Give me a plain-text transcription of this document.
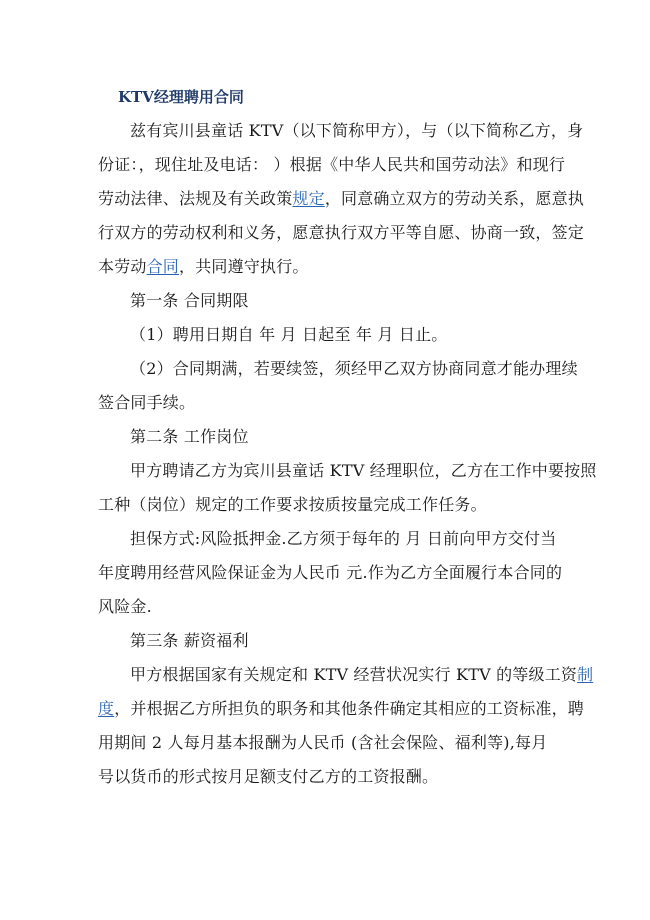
KTV经理聘用合同
兹有宾川县童话 KTV（以下简称甲方），与（以下简称乙方，身
份证：，现住址及电话： ）根据《中华人民共和国劳动法》和现行
劳动法律、法规及有关政策规定，同意确立双方的劳动关系，愿意执
行双方的劳动权利和义务，愿意执行双方平等自愿、协商一致，签定
本劳动合同，共同遵守执行。
第一条 合同期限
（1）聘用日期自 年 月 日起至 年 月 日止。
（2）合同期满，若要续签，须经甲乙双方协商同意才能办理续
签合同手续。
第二条 工作岗位
甲方聘请乙方为宾川县童话 KTV 经理职位，乙方在工作中要按照
工种（岗位）规定的工作要求按质按量完成工作任务。
担保方式:风险抵押金.乙方须于每年的 月 日前向甲方交付当
年度聘用经营风险保证金为人民币 元.作为乙方全面履行本合同的
风险金.
第三条 薪资福利
甲方根据国家有关规定和 KTV 经营状况实行 KTV 的等级工资制
度，并根据乙方所担负的职务和其他条件确定其相应的工资标准，聘
用期间 2 人每月基本报酬为人民币 (含社会保险、福利等),每月
号以货币的形式按月足额支付乙方的工资报酬。
